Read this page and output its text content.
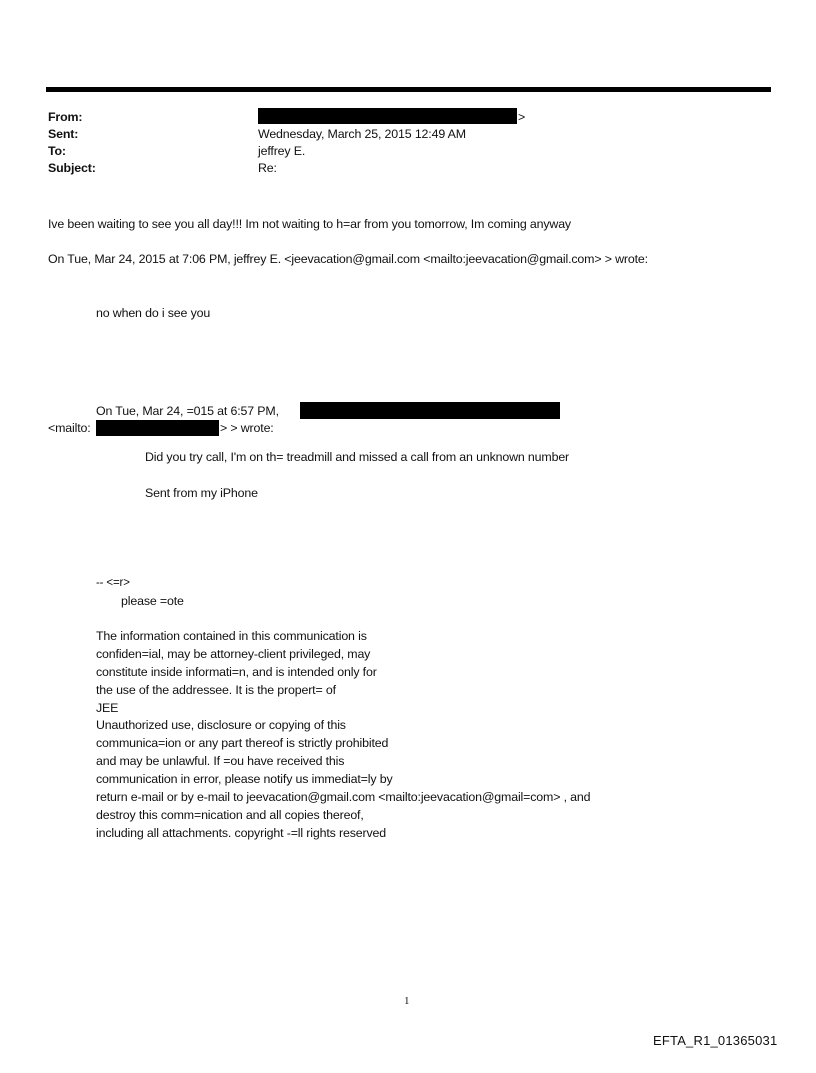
From:	>
Sent:	Wednesday, March 25, 2015 12:49 AM
To:	jeffrey E.
Subject:	Re:
Ive been waiting to see you all day!!! Im not waiting to h=ar from you tomorrow, Im coming anyway
On Tue, Mar 24, 2015 at 7:06 PM, jeffrey E. <jeevacation@gmail.com <mailto:jeevacation@gmail.com> > wrote:
no when do i see you
On Tue, Mar 24, =015 at 6:57 PM,
<mailto:	> > wrote:
Did you try call, I'm on th= treadmill and missed a call from an unknown number
Sent from my iPhone
-- <=r>
please =ote
The information contained in this communication is
confiden=ial, may be attorney-client privileged, may
constitute inside informati=n, and is intended only for
the use of the addressee. It is the propert= of
JEE
Unauthorized use, disclosure or copying of this
communica=ion or any part thereof is strictly prohibited
and may be unlawful. If =ou have received this
communication in error, please notify us immediat=ly by
return e-mail or by e-mail to jeevacation@gmail.com <mailto:jeevacation@gmail=com> , and
destroy this comm=nication and all copies thereof,
including all attachments. copyright -=ll rights reserved
1
EFTA_R1_01365031
